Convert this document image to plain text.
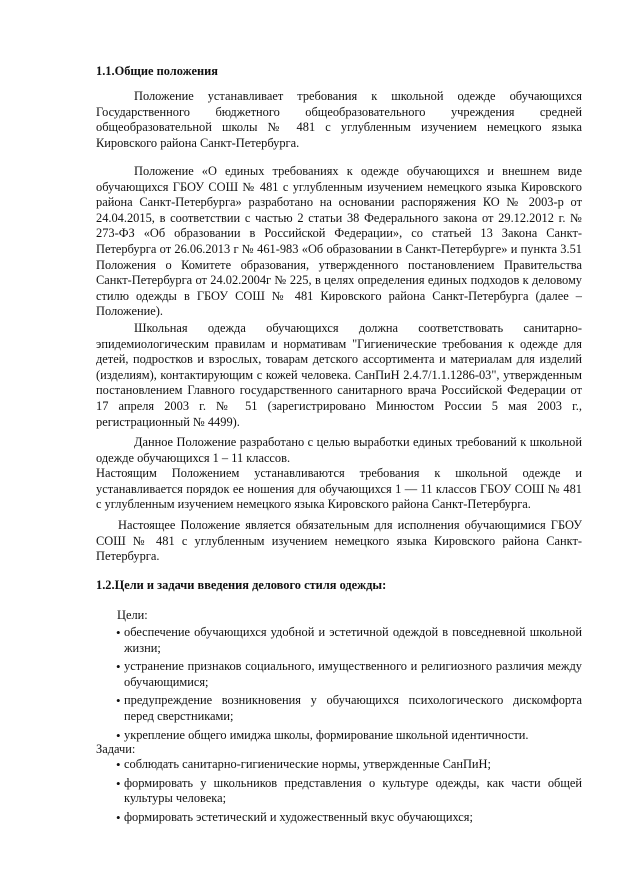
1.1.Общие положения

Положение устанавливает требования к школьной одежде обучающихся Государственного бюджетного общеобразовательного учреждения средней общеобразовательной школы № 481 с углубленным изучением немецкого языка Кировского района Санкт-Петербурга.

Положение «О единых требованиях к одежде обучающихся и внешнем виде обучающихся ГБОУ СОШ № 481 с углубленным изучением немецкого языка Кировского района Санкт-Петербурга» разработано на основании распоряжения КО № 2003-р от 24.04.2015, в соответствии с частью 2 статьи 38 Федерального закона от 29.12.2012 г. № 273-ФЗ «Об образовании в Российской Федерации», со статьей 13 Закона Санкт-Петербурга от 26.06.2013 г № 461-983 «Об образовании в Санкт-Петербурге» и пункта 3.51 Положения о Комитете образования, утвержденного постановлением Правительства Санкт-Петербурга от 24.02.2004г № 225, в целях определения единых подходов к деловому стилю одежды в ГБОУ СОШ № 481 Кировского района Санкт-Петербурга (далее – Положение).

Школьная одежда обучающихся должна соответствовать санитарно-эпидемиологическим правилам и нормативам "Гигиенические требования к одежде для детей, подростков и взрослых, товарам детского ассортимента и материалам для изделий (изделиям), контактирующим с кожей человека. СанПиН 2.4.7/1.1.1286-03", утвержденным постановлением Главного государственного санитарного врача Российской Федерации от 17 апреля 2003 г. № 51 (зарегистрировано Минюстом России 5 мая 2003 г., регистрационный № 4499).

Данное Положение разработано с целью выработки единых требований к школьной одежде обучающихся 1 – 11 классов.

Настоящим Положением устанавливаются требования к школьной одежде и устанавливается порядок ее ношения для обучающихся 1 — 11 классов ГБОУ СОШ № 481 с углубленным изучением немецкого языка Кировского района Санкт-Петербурга.

Настоящее Положение является обязательным для исполнения обучающимися ГБОУ СОШ № 481 с углубленным изучением немецкого языка Кировского района Санкт-Петербурга.

1.2.Цели и задачи введения делового стиля одежды:

Цели:

• обеспечение обучающихся удобной и эстетичной одеждой в повседневной школьной жизни;
• устранение признаков социального, имущественного и религиозного различия между обучающимися;
• предупреждение возникновения у обучающихся психологического дискомфорта перед сверстниками;
• укрепление общего имиджа школы, формирование школьной идентичности.

Задачи:

• соблюдать санитарно-гигиенические нормы, утвержденные СанПиН;
• формировать у школьников представления о культуре одежды, как части общей культуры человека;
• формировать эстетический и художественный вкус обучающихся;
